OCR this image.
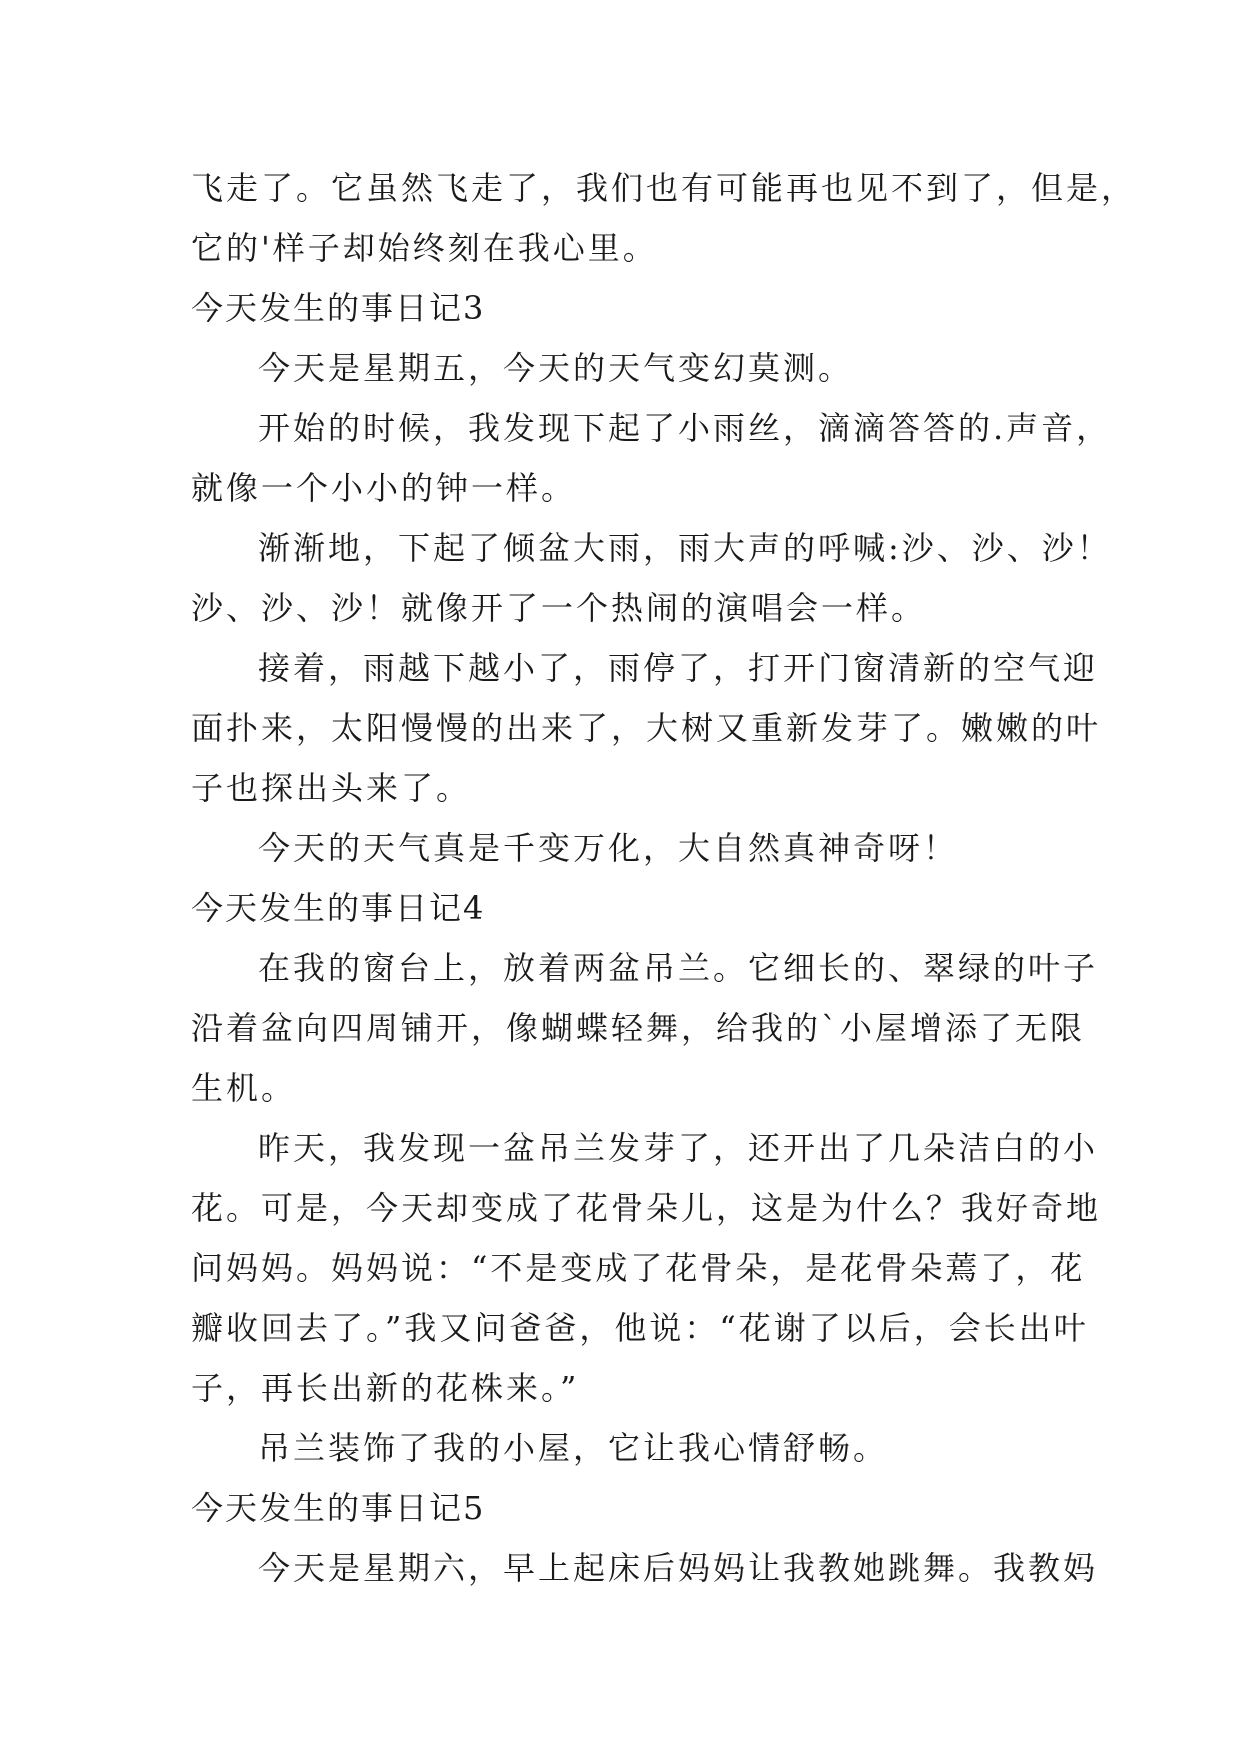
飞走了。它虽然飞走了，我们也有可能再也见不到了，但是，
它的'样子却始终刻在我心里。
今天发生的事日记3
今天是星期五，今天的天气变幻莫测。
开始的时候，我发现下起了小雨丝，滴滴答答的.声音，
就像一个小小的钟一样。
渐渐地，下起了倾盆大雨，雨大声的呼喊:沙、沙、沙！
沙、沙、沙！就像开了一个热闹的演唱会一样。
接着，雨越下越小了，雨停了，打开门窗清新的空气迎
面扑来，太阳慢慢的出来了，大树又重新发芽了。嫩嫩的叶
子也探出头来了。
今天的天气真是千变万化，大自然真神奇呀！
今天发生的事日记4
在我的窗台上，放着两盆吊兰。它细长的、翠绿的叶子
沿着盆向四周铺开，像蝴蝶轻舞，给我的`小屋增添了无限
生机。
昨天，我发现一盆吊兰发芽了，还开出了几朵洁白的小
花。可是，今天却变成了花骨朵儿，这是为什么？我好奇地
问妈妈。妈妈说：“不是变成了花骨朵，是花骨朵蔫了，花
瓣收回去了。”我又问爸爸，他说：“花谢了以后，会长出叶
子，再长出新的花株来。”
吊兰装饰了我的小屋，它让我心情舒畅。
今天发生的事日记5
今天是星期六，早上起床后妈妈让我教她跳舞。我教妈
